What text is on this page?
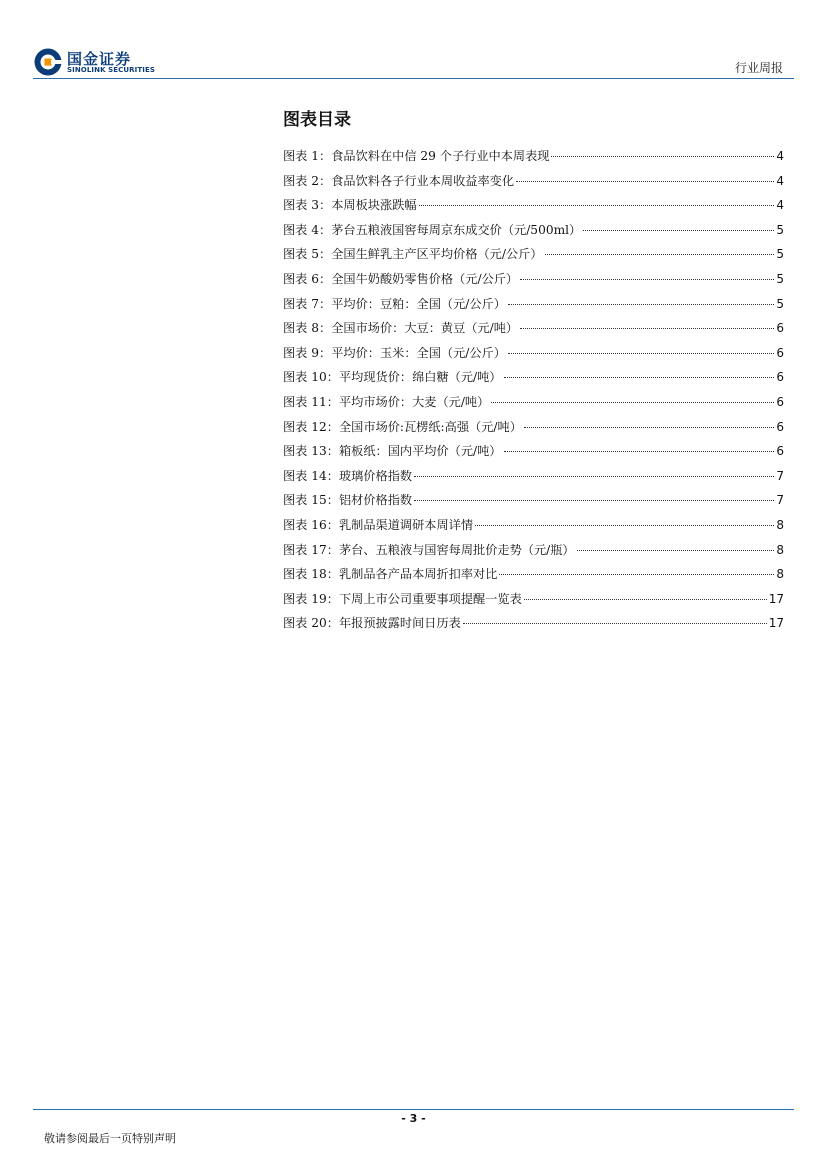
国金证券
SINOLINK SECURITIES	行业周报
图表目录
图表 1： 食品饮料在中信 29 个子行业中本周表现	4
图表 2： 食品饮料各子行业本周收益率变化	4
图表 3： 本周板块涨跌幅	4
图表 4： 茅台五粮液国窖每周京东成交价（元/500ml）	5
图表 5： 全国生鲜乳主产区平均价格（元/公斤）	5
图表 6： 全国牛奶酸奶零售价格（元/公斤）	5
图表 7： 平均价：豆粕：全国（元/公斤）	5
图表 8： 全国市场价：大豆：黄豆（元/吨）	6
图表 9： 平均价：玉米：全国（元/公斤）	6
图表 10： 平均现货价：绵白糖（元/吨）	6
图表 11： 平均市场价：大麦（元/吨）	6
图表 12： 全国市场价:瓦楞纸:高强（元/吨）	6
图表 13： 箱板纸：国内平均价（元/吨）	6
图表 14： 玻璃价格指数	7
图表 15： 铝材价格指数	7
图表 16： 乳制品渠道调研本周详情	8
图表 17： 茅台、五粮液与国窖每周批价走势（元/瓶）	8
图表 18： 乳制品各产品本周折扣率对比	8
图表 19： 下周上市公司重要事项提醒一览表	17
图表 20： 年报预披露时间日历表	17
- 3 -
敬请参阅最后一页特别声明
